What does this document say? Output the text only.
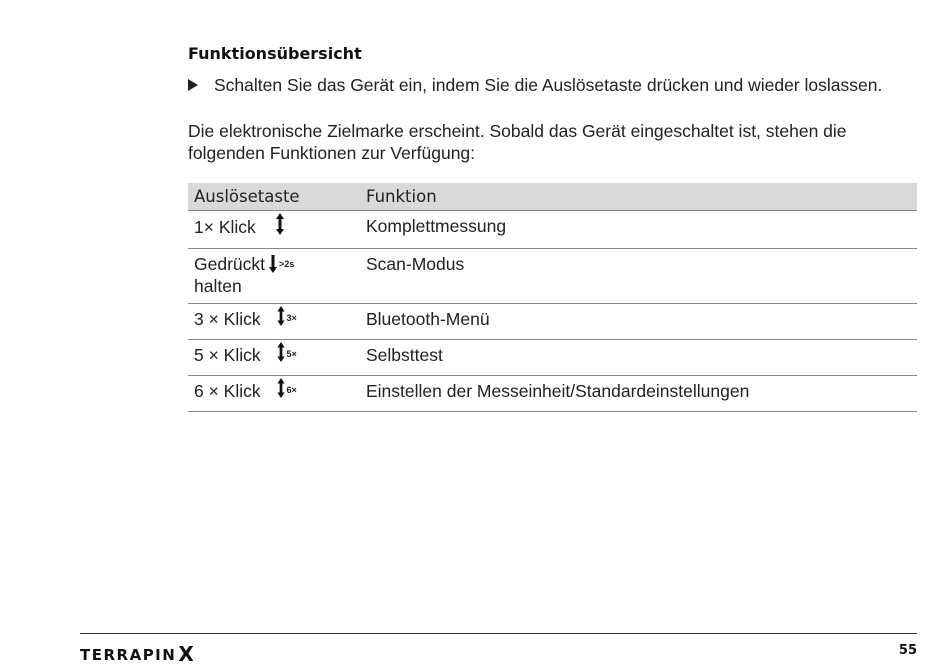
Funktionsübersicht
Schalten Sie das Gerät ein, indem Sie die Auslösetaste drücken und wieder loslassen.
Die elektronische Zielmarke erscheint. Sobald das Gerät eingeschaltet ist, stehen die folgenden Funktionen zur Verfügung:
Auslösetaste	Funktion
1× Klick	Komplettmessung
Gedrückt halten$^{>2s}$	Scan-Modus
3 × Klick $^{3\times}$	Bluetooth-Menü
5 × Klick $^{5\times}$	Selbsttest
6 × Klick $^{6\times}$	Einstellen der Messeinheit/Standardeinstellungen
TERRAPIN X	55
